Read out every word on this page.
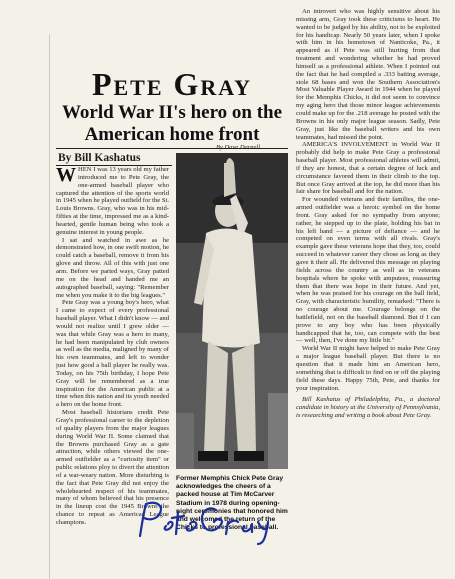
Pete Gray
World War II's hero on the American home front
By Bill Kashatus
By Dave Darnell

WHEN I was 13 years old my father introduced me to Pete Gray, the one-armed baseball player who captured the attention of the sports world in 1945 when he played outfield for the St. Louis Browns. Gray, who was in his mid-fifties at the time, impressed me as a kind-hearted, gentle human being who took a genuine interest in young people.

I sat and watched in awe as he demonstrated how, in one swift motion, he could catch a baseball, remove it from his glove and throw. All of this with just one arm. Before we parted ways, Gray patted me on the head and handed me an autographed baseball, saying: "Remember me when you make it to the big leagues."

Pete Gray was a young boy's hero, what I came to expect of every professional baseball player. What I didn't know — and would not realize until I grew older — was that while Gray was a hero to many, he had been manipulated by club owners as well as the media, maligned by many of his own teammates, and left to wonder just how good a ball player he really was. Today, on his 75th birthday, I hope Pete Gray will be remembered as a true inspiration for the American public at a time when this nation and its youth needed a hero on the home front.

Most baseball historians credit Pete Gray's professional career to the depletion of quality players from the major leagues during World War II. Some claimed that the Browns purchased Gray as a gate attraction, while others viewed the one-armed outfielder as a "curiosity item" or public relations ploy to divert the attention of a war-weary nation. More disturbing is the fact that Pete Gray did not enjoy the wholehearted respect of his teammates, many of whom believed that his presence in the lineup cost the 1945 Browns the chance to repeat as American League champions.

Former Memphis Chick Pete Gray acknowledges the cheers of a packed house at Tim McCarver Stadium in 1978 during opening-night ceremonies that honored him and welcomed the return of the Chicks to professional baseball.

An introvert who was highly sensitive about his missing arm, Gray took these criticisms to heart. He wanted to be judged by his ability, not to be exploited for his handicap. Nearly 50 years later, when I spoke with him in his hometown of Nanticoke, Pa., it appeared as if Pete was still hurting from that treatment and wondering whether he had proved himself as a professional athlete. When I pointed out the fact that he had compiled a .333 batting average, stole 68 bases and won the Southern Association's Most Valuable Player Award in 1944 when he played for the Memphis Chicks, it did not seem to convince my aging hero that those minor league achievements could make up for the .218 average he posted with the Browns in his only major league season. Sadly, Pete Gray, just like the baseball writers and his own teammates, had missed the point.

AMERICA'S INVOLVEMENT in World War II probably did help to make Pete Gray a professional baseball player. Most professional athletes will admit, if they are honest, that a certain degree of luck and circumstance favored them in their climb to the top. But once Gray arrived at the top, he did more than his fair share for baseball and for the nation.

For wounded veterans and their families, the one-armed outfielder was a heroic symbol on the home front. Gray asked for no sympathy from anyone; rather, he stepped up to the plate, holding his bat in his left hand — a picture of defiance — and he competed on even terms with all rivals. Gray's example gave these veterans hope that they, too, could succeed in whatever career they chose as long as they gave it their all. He delivered this message on playing fields across the country as well as in veterans hospitals where he spoke with amputees, reassuring them that there was hope in their future. And yet, when he was praised for his courage on the ball field, Gray, with characteristic humility, remarked: "There is no courage about me. Courage belongs on the battlefield, not on the baseball diamond. But if I can prove to any boy who has been physically handicapped that he, too, can compete with the best — well, then, I've done my little bit."

World War II might have helped to make Pete Gray a major league baseball player. But there is no question that it made him an American hero, something that is difficult to find on or off the playing field these days. Happy 75th, Pete, and thanks for your inspiration.

Bill Kashatus of Philadelphia, Pa., a doctoral candidate in history at the University of Pennsylvania, is researching and writing a book about Pete Gray.
